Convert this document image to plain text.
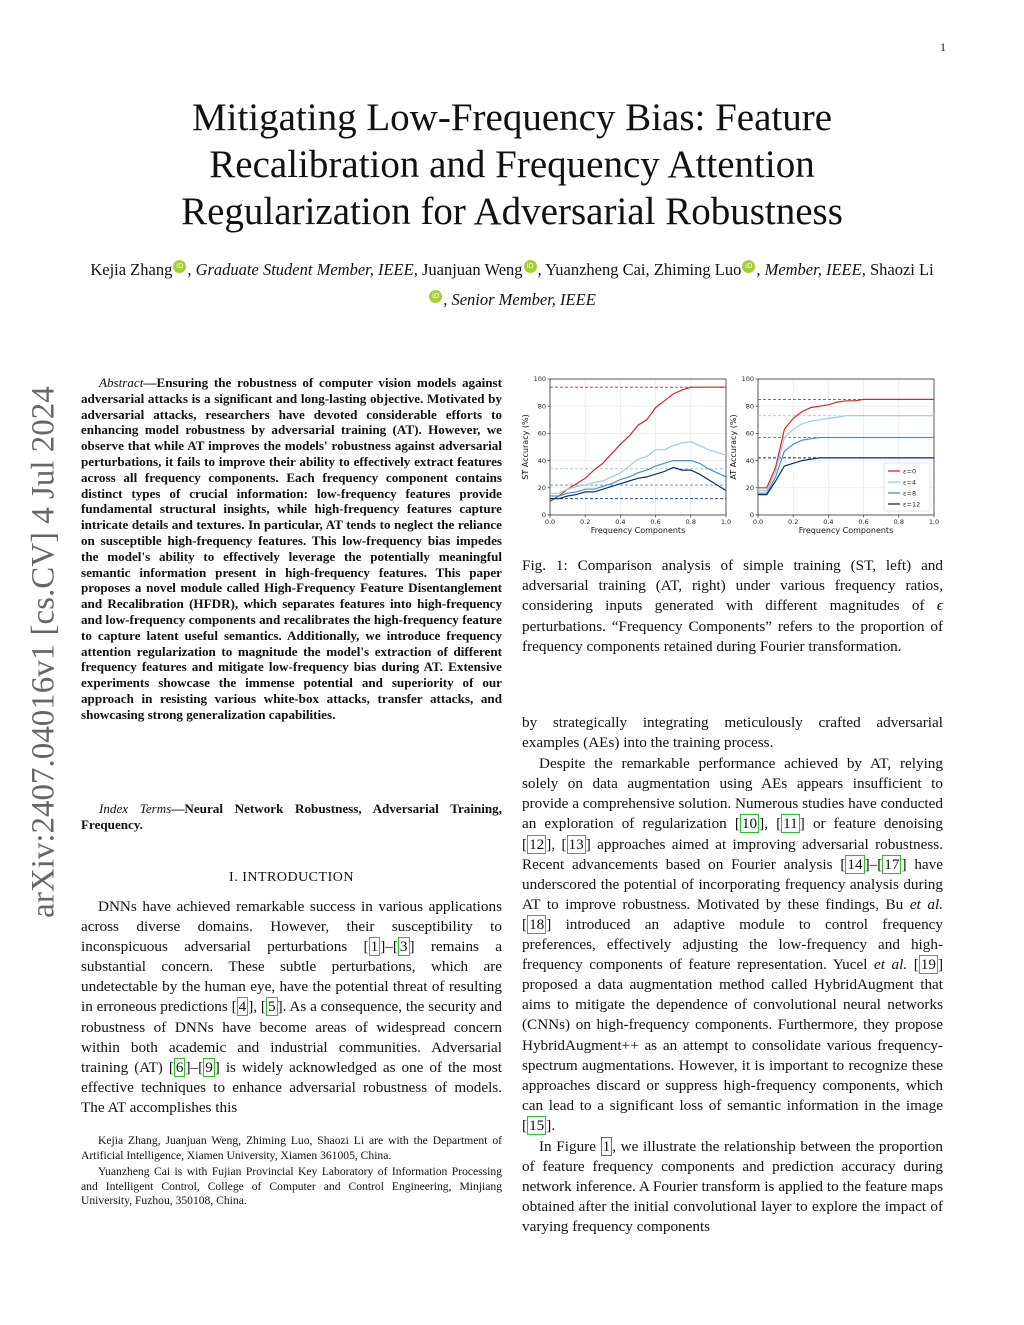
1
arXiv:2407.04016v1 [cs.CV] 4 Jul 2024
Mitigating Low-Frequency Bias: Feature Recalibration and Frequency Attention Regularization for Adversarial Robustness
Kejia Zhang iD , Graduate Student Member, IEEE, Juanjuan Weng iD , Yuanzheng Cai, Zhiming Luo iD , Member, IEEE, Shaozi LiiD , Senior Member, IEEE
Abstract—Ensuring the robustness of computer vision models against adversarial attacks is a significant and long-lasting objective. Motivated by adversarial attacks, researchers have devoted considerable efforts to enhancing model robustness by adversarial training (AT). However, we observe that while AT improves the models' robustness against adversarial perturbations, it fails to improve their ability to effectively extract features across all frequency components. Each frequency component contains distinct types of crucial information: low-frequency features provide fundamental structural insights, while high-frequency features capture intricate details and textures. In particular, AT tends to neglect the reliance on susceptible high-frequency features. This low-frequency bias impedes the model's ability to effectively leverage the potentially meaningful semantic information present in high-frequency features. This paper proposes a novel module called High-Frequency Feature Disentanglement and Recalibration (HFDR), which separates features into high-frequency and low-frequency components and recalibrates the high-frequency feature to capture latent useful semantics. Additionally, we introduce frequency attention regularization to magnitude the model's extraction of different frequency features and mitigate low-frequency bias during AT. Extensive experiments showcase the immense potential and superiority of our approach in resisting various white-box attacks, transfer attacks, and showcasing strong generalization capabilities.
Index Terms—Neural Network Robustness, Adversarial Training, Frequency.
I. INTRODUCTION

DNNs have achieved remarkable success in various applications across diverse domains. However, their susceptibility to inconspicuous adversarial perturbations [ 1 ]–[ 3 ] remains a substantial concern. These subtle perturbations, which are undetectable by the human eye, have the potential threat of resulting in erroneous predictions [ 4 ], [ 5 ]. As a consequence, the security and robustness of DNNs have become areas of widespread concern within both academic and industrial communities. Adversarial training (AT) [ 6 ]–[ 9 ] is widely acknowledged as one of the most effective techniques to enhance adversarial robustness of models. The AT accomplishes this

Kejia Zhang, Juanjuan Weng, Zhiming Luo, Shaozi Li are with the Department of Artificial Intelligence, Xiamen University, Xiamen 361005, China.

Yuanzheng Cai is with Fujian Provincial Key Laboratory of Information Processing and Intelligent Control, College of Computer and Control Engineering, Minjiang University, Fuzhou, 350108, China.

0.0	0.2	0.4	0.6	0.8	1.0
0
20
40
60
80
100
Frequency Components
ST Accuracy (%)
0.0	0.2	0.4	0.6	0.8	1.0
0
20
40
60
80
100
Frequency Components
AT Accuracy (%)	ε=0
ε=4
ε=8
ε=12
Fig. 1: Comparison analysis of simple training (ST, left) and adversarial training (AT, right) under various frequency ratios, considering inputs generated with different magnitudes of ϵ perturbations. “Frequency Components” refers to the proportion of frequency components retained during Fourier transformation.

by strategically integrating meticulously crafted adversarial examples (AEs) into the training process.

Despite the remarkable performance achieved by AT, relying solely on data augmentation using AEs appears insufficient to provide a comprehensive solution. Numerous studies have conducted an exploration of regularization [ 10 ], [ 11 ] or feature denoising [ 12 ], [ 13 ] approaches aimed at improving adversarial robustness. Recent advancements based on Fourier analysis [ 14 ]–[ 17 ] have underscored the potential of incorporating frequency analysis during AT to improve robustness. Motivated by these findings, Bu et al. [ 18 ] introduced an adaptive module to control frequency preferences, effectively adjusting the low-frequency and high-frequency components of feature representation. Yucel et al. [ 19 ] proposed a data augmentation method called HybridAugment that aims to mitigate the dependence of convolutional neural networks (CNNs) on high-frequency components. Furthermore, they propose HybridAugment++ as an attempt to consolidate various frequency-spectrum augmentations. However, it is important to recognize these approaches discard or suppress high-frequency components, which can lead to a significant loss of semantic information in the image [ 15 ].

In Figure 1 , we illustrate the relationship between the proportion of feature frequency components and prediction accuracy during network inference. A Fourier transform is applied to the feature maps obtained after the initial convolutional layer to explore the impact of varying frequency components
